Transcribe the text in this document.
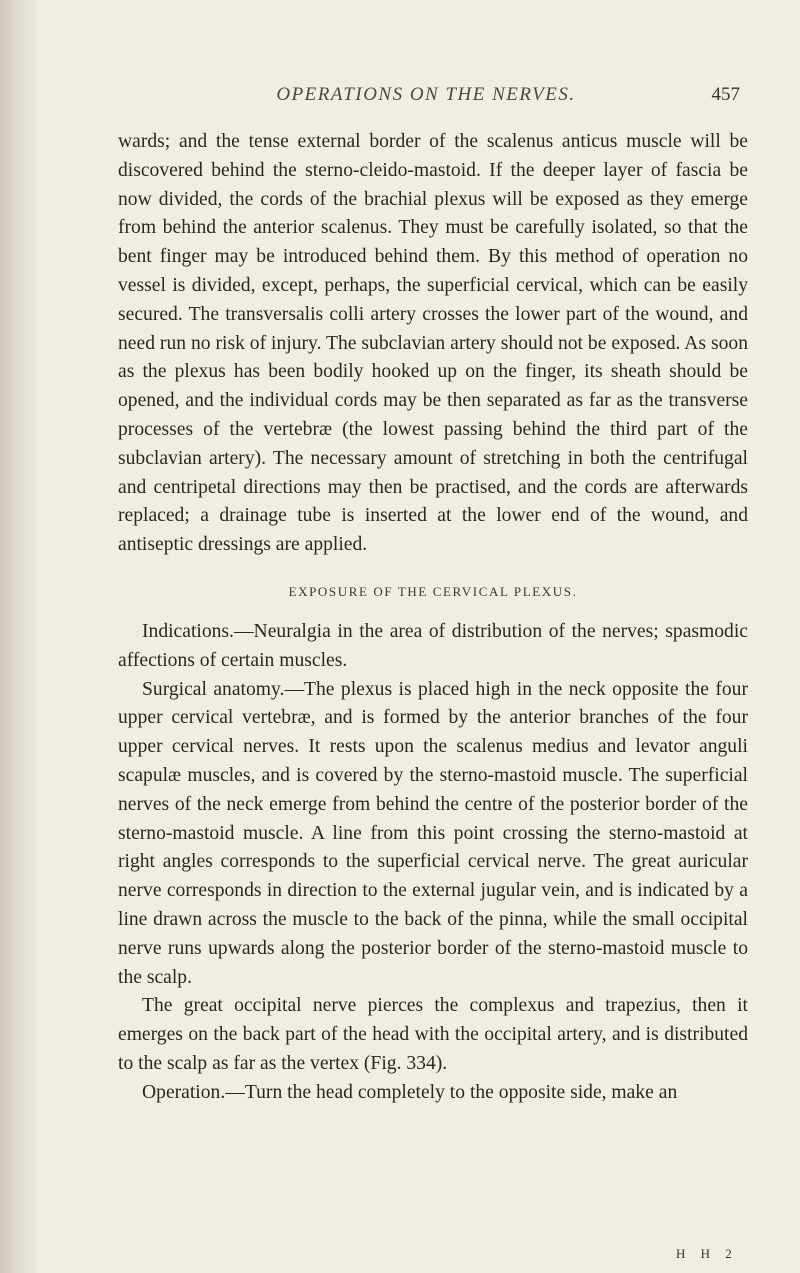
OPERATIONS ON THE NERVES.	457

wards; and the tense external border of the scalenus anticus muscle will be discovered behind the sterno-cleido-mastoid. If the deeper layer of fascia be now divided, the cords of the brachial plexus will be exposed as they emerge from behind the anterior scalenus. They must be carefully isolated, so that the bent finger may be introduced behind them. By this method of operation no vessel is divided, except, perhaps, the superficial cervical, which can be easily secured. The transversalis colli artery crosses the lower part of the wound, and need run no risk of injury. The subclavian artery should not be exposed. As soon as the plexus has been bodily hooked up on the finger, its sheath should be opened, and the individual cords may be then separated as far as the transverse processes of the vertebræ (the lowest passing behind the third part of the subclavian artery). The necessary amount of stretching in both the centrifugal and centripetal directions may then be practised, and the cords are afterwards replaced; a drainage tube is inserted at the lower end of the wound, and antiseptic dressings are applied.

EXPOSURE OF THE CERVICAL PLEXUS.

Indications.—Neuralgia in the area of distribution of the nerves; spasmodic affections of certain muscles.

Surgical anatomy.—The plexus is placed high in the neck opposite the four upper cervical vertebræ, and is formed by the anterior branches of the four upper cervical nerves. It rests upon the scalenus medius and levator anguli scapulæ muscles, and is covered by the sterno-mastoid muscle. The superficial nerves of the neck emerge from behind the centre of the posterior border of the sterno-mastoid muscle. A line from this point crossing the sterno-mastoid at right angles corresponds to the superficial cervical nerve. The great auricular nerve corresponds in direction to the external jugular vein, and is indicated by a line drawn across the muscle to the back of the pinna, while the small occipital nerve runs upwards along the posterior border of the sterno-mastoid muscle to the scalp.

The great occipital nerve pierces the complexus and trapezius, then it emerges on the back part of the head with the occipital artery, and is distributed to the scalp as far as the vertex (Fig. 334).

Operation.—Turn the head completely to the opposite side, make an

H H 2
